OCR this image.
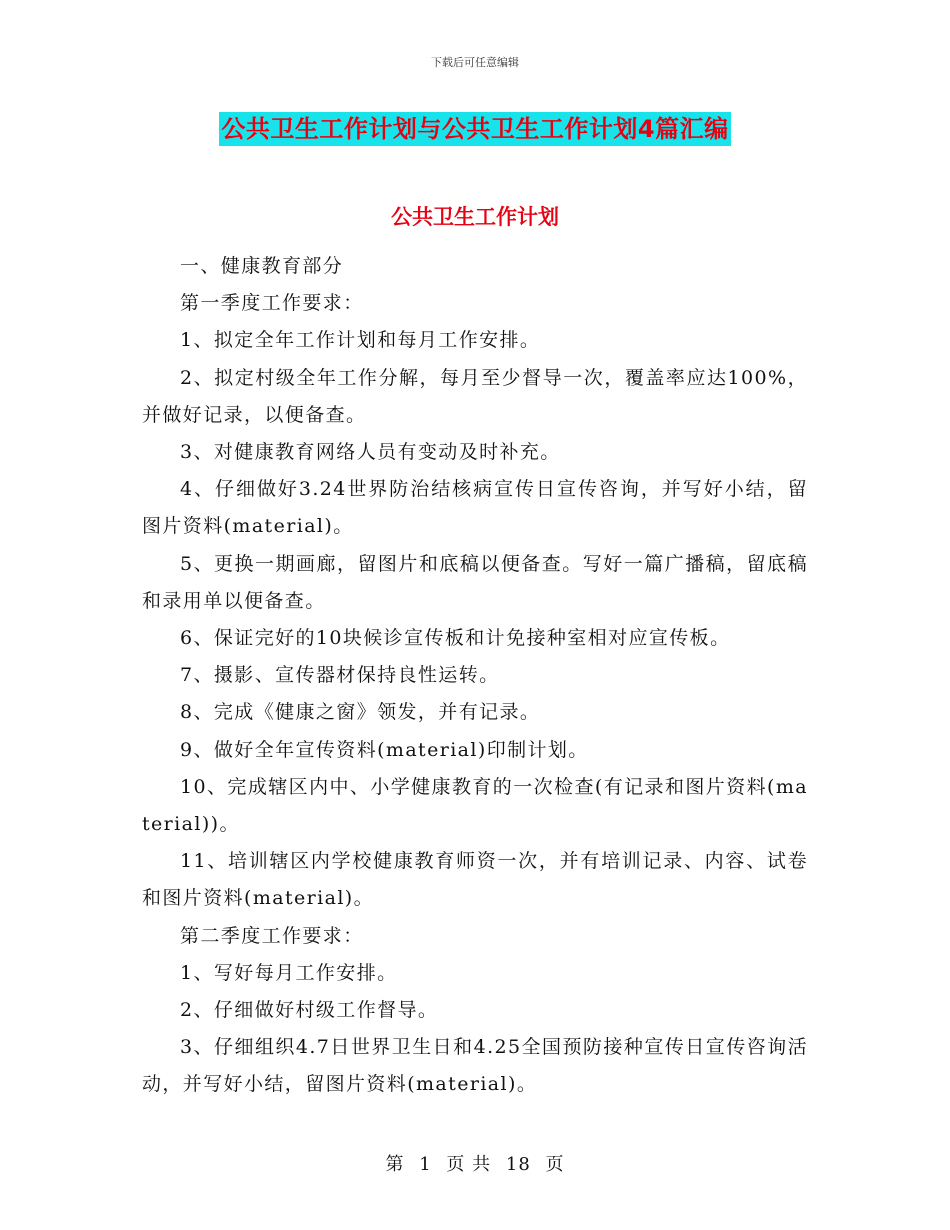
下载后可任意编辑
公共卫生工作计划与公共卫生工作计划4篇汇编
公共卫生工作计划

一、健康教育部分

第一季度工作要求：

1、拟定全年工作计划和每月工作安排。

2、拟定村级全年工作分解，每月至少督导一次，覆盖率应达100%，并做好记录，以便备查。

3、对健康教育网络人员有变动及时补充。

4、仔细做好3.24世界防治结核病宣传日宣传咨询，并写好小结，留图片资料(material)。

5、更换一期画廊，留图片和底稿以便备查。写好一篇广播稿，留底稿和录用单以便备查。

6、保证完好的10块候诊宣传板和计免接种室相对应宣传板。

7、摄影、宣传器材保持良性运转。

8、完成《健康之窗》领发，并有记录。

9、做好全年宣传资料(material)印制计划。

10、完成辖区内中、小学健康教育的一次检查(有记录和图片资料(material))。

11、培训辖区内学校健康教育师资一次，并有培训记录、内容、试卷和图片资料(material)。

第二季度工作要求：

1、写好每月工作安排。

2、仔细做好村级工作督导。

3、仔细组织4.7日世界卫生日和4.25全国预防接种宣传日宣传咨询活动，并写好小结，留图片资料(material)。

第 1 页 共 18 页
